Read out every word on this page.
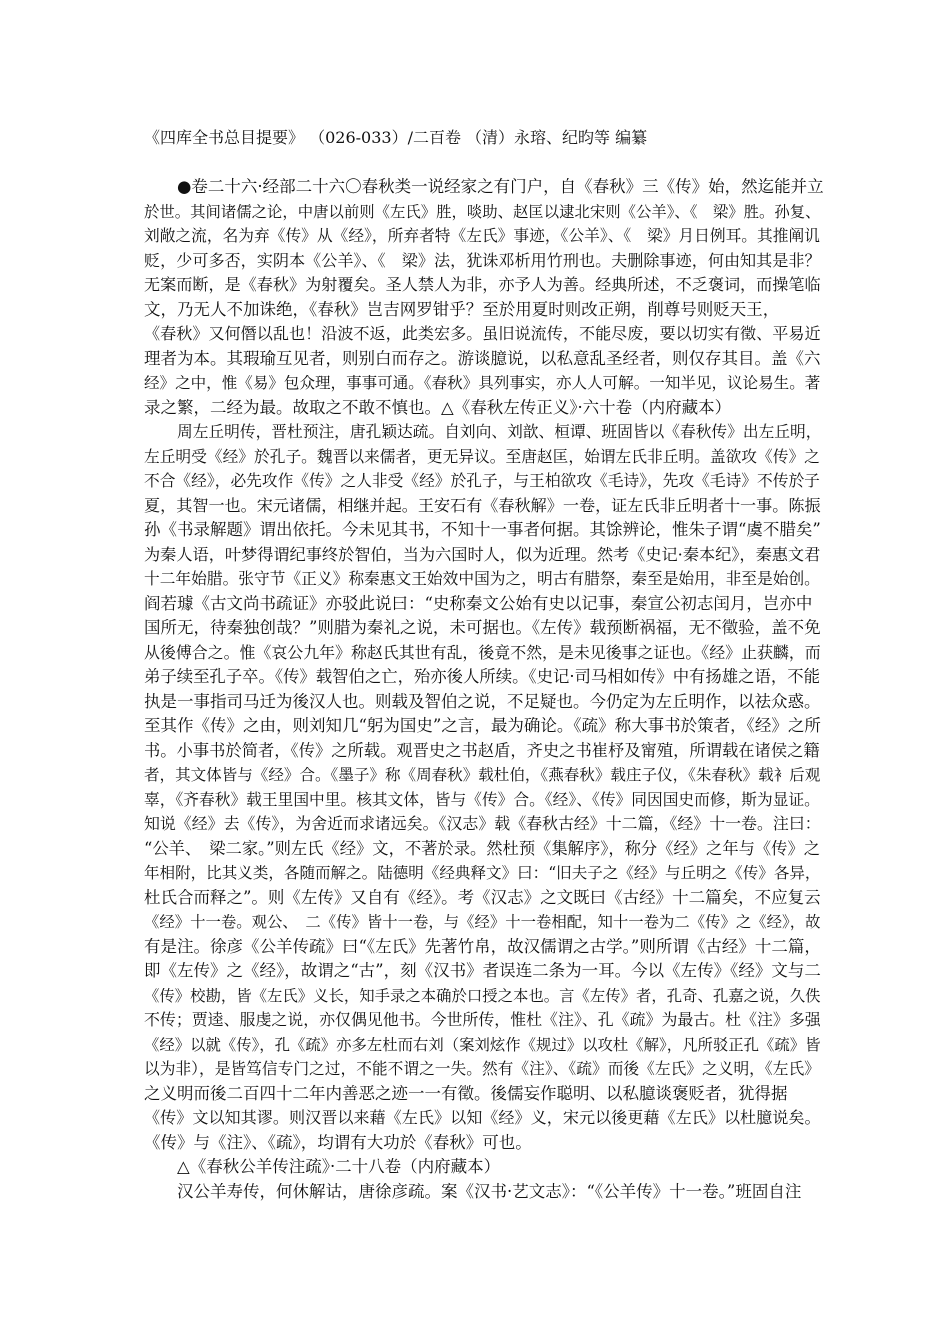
《四库全书总目提要》 （026-033）/二百卷 （清）永瑢、纪昀等 编纂
●卷二十六·经部二十六〇春秋类一说经家之有门户，自《春秋》三《传》始，然迄能并立
於世。其间诸儒之论，中唐以前则《左氏》胜，啖助、赵匡以逮北宋则《公羊》、《　梁》胜。孙复、
刘敞之流，名为弃《传》从《经》，所弃者特《左氏》事迹，《公羊》、《　梁》月日例耳。其推阐讥
贬，少可多否，实阴本《公羊》、《　梁》法，犹诛邓析用竹刑也。夫删除事迹，何由知其是非？
无案而断，是《春秋》为射覆矣。圣人禁人为非，亦予人为善。经典所述，不乏褒词，而操笔临
文，乃无人不加诛绝，《春秋》岂吉网罗钳乎？至於用夏时则改正朔，削尊号则贬天王，
《春秋》又何僭以乱也！沿波不返，此类宏多。虽旧说流传，不能尽废，要以切实有徵、平易近
理者为本。其瑕瑜互见者，则别白而存之。游谈臆说，以私意乱圣经者，则仅存其目。盖《六
经》之中，惟《易》包众理，事事可通。《春秋》具列事实，亦人人可解。一知半见，议论易生。著
录之繁，二经为最。故取之不敢不慎也。△《春秋左传正义》·六十卷（内府藏本）
周左丘明传，晋杜预注，唐孔颖达疏。自刘向、刘歆、桓谭、班固皆以《春秋传》出左丘明，
左丘明受《经》於孔子。魏晋以来儒者，更无异议。至唐赵匡，始谓左氏非丘明。盖欲攻《传》之
不合《经》，必先攻作《传》之人非受《经》於孔子，与王柏欲攻《毛诗》，先攻《毛诗》不传於子
夏，其智一也。宋元诸儒，相继并起。王安石有《春秋解》一卷，证左氏非丘明者十一事。陈振
孙《书录解题》谓出依托。今未见其书，不知十一事者何据。其馀辨论，惟朱子谓“虞不腊矣”
为秦人语，叶梦得谓纪事终於智伯，当为六国时人，似为近理。然考《史记·秦本纪》，秦惠文君
十二年始腊。张守节《正义》称秦惠文王始效中国为之，明古有腊祭，秦至是始用，非至是始创。
阎若璩《古文尚书疏证》亦驳此说曰：“史称秦文公始有史以记事，秦宣公初志闰月，岂亦中
国所无，待秦独创哉？”则腊为秦礼之说，未可据也。《左传》载预断祸福，无不徵验，盖不免
从後傅合之。惟《哀公九年》称赵氏其世有乱，後竟不然，是未见後事之证也。《经》止获麟，而
弟子续至孔子卒。《传》载智伯之亡，殆亦後人所续。《史记·司马相如传》中有扬雄之语，不能
执是一事指司马迁为後汉人也。则载及智伯之说，不足疑也。今仍定为左丘明作，以祛众惑。
至其作《传》之由，则刘知几“躬为国史”之言，最为确论。《疏》称大事书於策者，《经》之所
书。小事书於简者，《传》之所载。观晋史之书赵盾，齐史之书崔杼及甯殖，所谓载在诸侯之籍
者，其文体皆与《经》合。《墨子》称《周春秋》载杜伯，《燕春秋》载庄子仪，《朱春秋》载衤后观
辜，《齐春秋》载王里国中里。核其文体，皆与《传》合。《经》、《传》同因国史而修，斯为显证。
知说《经》去《传》，为舍近而求诸远矣。《汉志》载《春秋古经》十二篇，《经》十一卷。注曰：
“公羊、　梁二家。”则左氏《经》文，不著於录。然杜预《集解序》，称分《经》之年与《传》之
年相附，比其义类，各随而解之。陆德明《经典释文》曰：“旧夫子之《经》与丘明之《传》各异，
杜氏合而释之”。则《左传》又自有《经》。考《汉志》之文既曰《古经》十二篇矣，不应复云
《经》十一卷。观公、　二《传》皆十一卷，与《经》十一卷相配，知十一卷为二《传》之《经》，故
有是注。徐彦《公羊传疏》曰“《左氏》先著竹帛，故汉儒谓之古学。”则所谓《古经》十二篇，
即《左传》之《经》，故谓之“古”，刻《汉书》者误连二条为一耳。今以《左传》《经》文与二
《传》校勘，皆《左氏》义长，知手录之本确於口授之本也。言《左传》者，孔奇、孔嘉之说，久佚
不传；贾逵、服虔之说，亦仅偶见他书。今世所传，惟杜《注》、孔《疏》为最古。杜《注》多强
《经》以就《传》，孔《疏》亦多左杜而右刘（案刘炫作《规过》以攻杜《解》，凡所驳正孔《疏》皆
以为非），是皆笃信专门之过，不能不谓之一失。然有《注》、《疏》而後《左氏》之义明，《左氏》
之义明而後二百四十二年内善恶之迹一一有徵。後儒妄作聪明、以私臆谈褒贬者，犹得据
《传》文以知其谬。则汉晋以来藉《左氏》以知《经》义，宋元以後更藉《左氏》以杜臆说矣。
《传》与《注》、《疏》，均谓有大功於《春秋》可也。
△《春秋公羊传注疏》·二十八卷（内府藏本）
汉公羊寿传，何休解诂，唐徐彦疏。案《汉书·艺文志》：“《公羊传》十一卷。”班固自注
